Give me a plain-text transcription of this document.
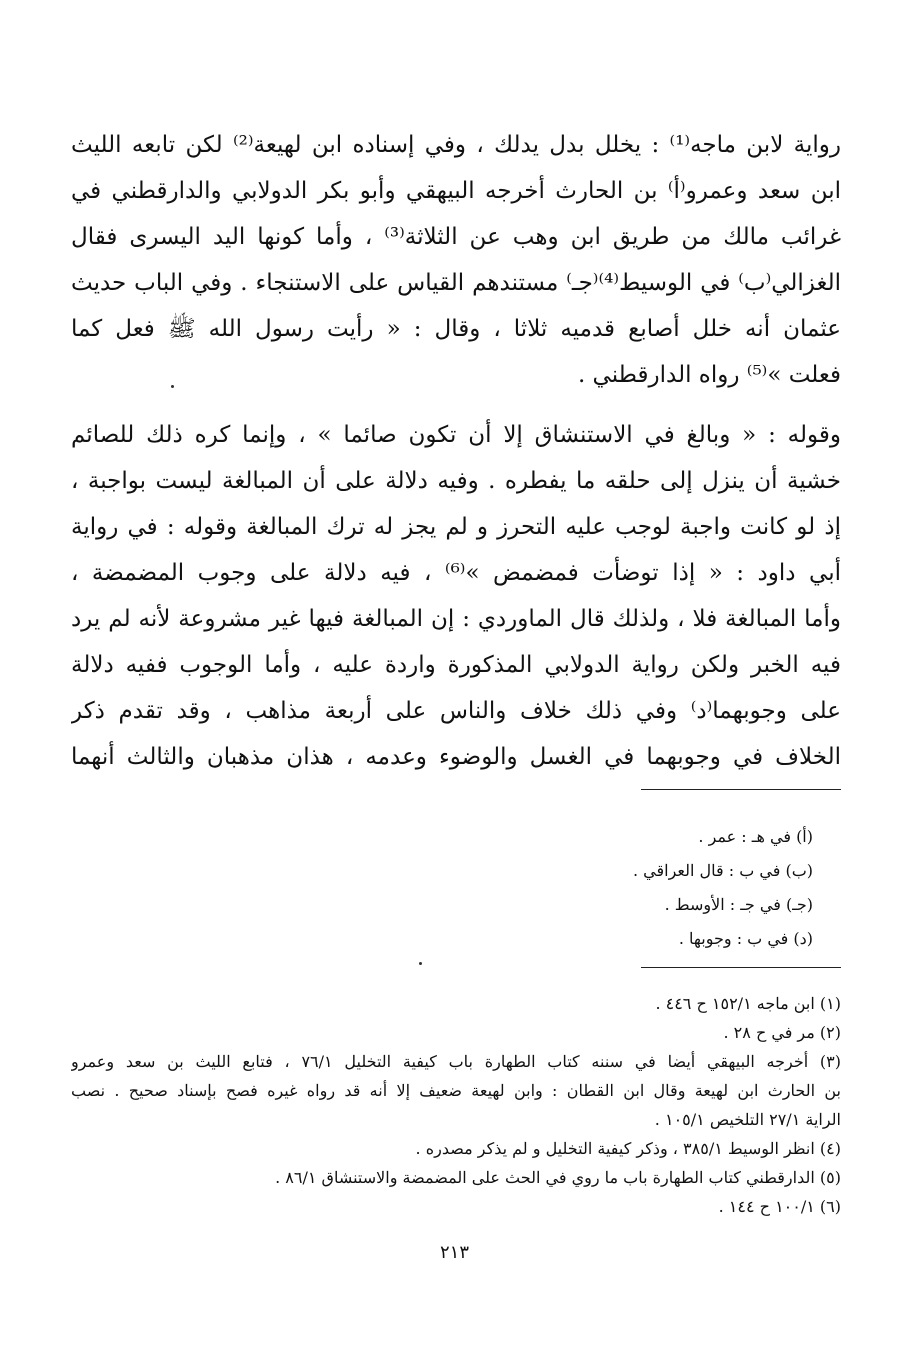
رواية لابن ماجه⁽¹⁾ : يخلل بدل يدلك ، وفي إسناده ابن لهيعة⁽²⁾ لكن تابعه الليث
ابن سعد وعمرو⁽أ⁾ بن الحارث أخرجه البيهقي وأبو بكر الدولابي والدارقطني في
غرائب مالك من طريق ابن وهب عن الثلاثة⁽³⁾ ، وأما كونها اليد اليسرى فقال
الغزالي⁽ب⁾ في الوسيط⁽⁴⁾⁽جـ⁾ مستندهم القياس على الاستنجاء . وفي الباب حديث
عثمان أنه خلل أصابع قدميه ثلاثا ، وقال : « رأيت رسول الله ﷺ فعل كما
فعلت »⁽⁵⁾ رواه الدارقطني .
وقوله : « وبالغ في الاستنشاق إلا أن تكون صائما » ، وإنما كره ذلك للصائم
خشية أن ينزل إلى حلقه ما يفطره . وفيه دلالة على أن المبالغة ليست بواجبة ،
إذ لو كانت واجبة لوجب عليه التحرز و لم يجز له ترك المبالغة وقوله : في رواية
أبي داود : « إذا توضأت فمضمض »⁽⁶⁾ ، فيه دلالة على وجوب المضمضة ،
وأما المبالغة فلا ، ولذلك قال الماوردي : إن المبالغة فيها غير مشروعة لأنه لم يرد
فيه الخبر ولكن رواية الدولابي المذكورة واردة عليه ، وأما الوجوب ففيه دلالة
على وجوبهما⁽د⁾ وفي ذلك خلاف والناس على أربعة مذاهب ، وقد تقدم ذكر
الخلاف في وجوبهما في الغسل والوضوء وعدمه ، هذان مذهبان والثالث أنهما
(أ) في هـ : عمر .
(ب) في ب : قال العراقي .
(جـ) في جـ : الأوسط .
(د) في ب : وجوبها .
(١) ابن ماجه ١٥٢/١ ح ٤٤٦ .
(٢) مر في ح ٢٨ .
(٣) أخرجه البيهقي أيضا في سننه كتاب الطهارة باب كيفية التخليل ٧٦/١ ، فتابع الليث بن سعد وعمرو
بن الحارث ابن لهيعة وقال ابن القطان : وابن لهيعة ضعيف إلا أنه قد رواه غيره فصح بإسناد صحيح . نصب
الراية ٢٧/١ التلخيص ١٠٥/١ .
(٤) انظر الوسيط ٣٨٥/١ ، وذكر كيفية التخليل و لم يذكر مصدره .
(٥) الدارقطني كتاب الطهارة باب ما روي في الحث على المضمضة والاستنشاق ٨٦/١ .
(٦) ١٠٠/١ ح ١٤٤ .
٢١٣
